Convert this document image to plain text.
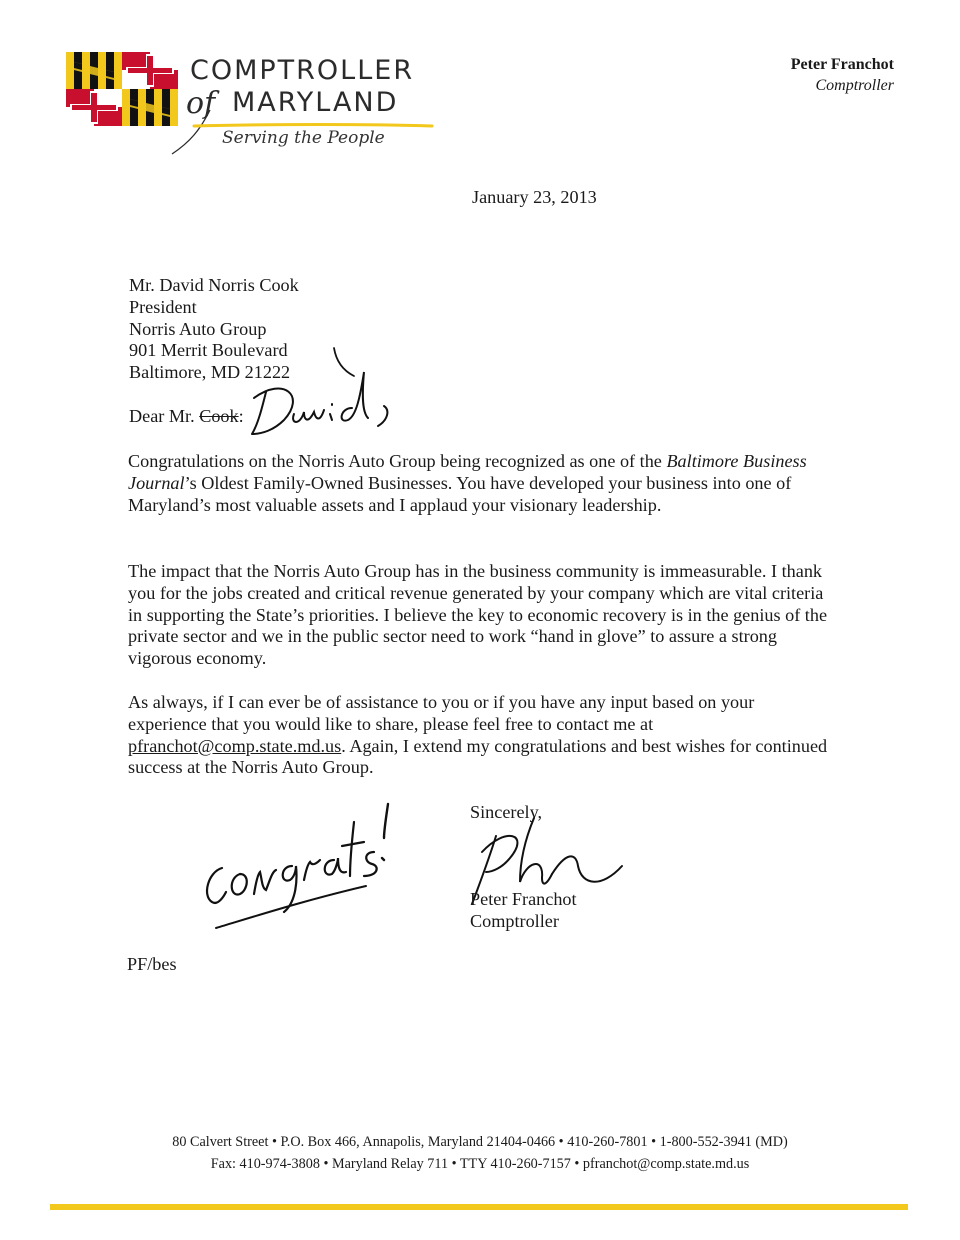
COMPTROLLER
of MARYLAND
Serving the People
Peter Franchot
Comptroller
January 23, 2013
Mr. David Norris Cook
President
Norris Auto Group
901 Merrit Boulevard
Baltimore, MD 21222
Dear Mr. Cook:
Congratulations on the Norris Auto Group being recognized as one of the Baltimore Business Journal’s Oldest Family-Owned Businesses. You have developed your business into one of Maryland’s most valuable assets and I applaud your visionary leadership.
The impact that the Norris Auto Group has in the business community is immeasurable. I thank you for the jobs created and critical revenue generated by your company which are vital criteria in supporting the State’s priorities. I believe the key to economic recovery is in the genius of the private sector and we in the public sector need to work “hand in glove” to assure a strong vigorous economy.
As always, if I can ever be of assistance to you or if you have any input based on your experience that you would like to share, please feel free to contact me at pfranchot@comp.state.md.us. Again, I extend my congratulations and best wishes for continued success at the Norris Auto Group.
Sincerely,
Peter Franchot
Comptroller
PF/bes
80 Calvert Street • P.O. Box 466, Annapolis, Maryland 21404-0466 • 410-260-7801 • 1-800-552-3941 (MD)
Fax: 410-974-3808 • Maryland Relay 711 • TTY 410-260-7157 • pfranchot@comp.state.md.us
